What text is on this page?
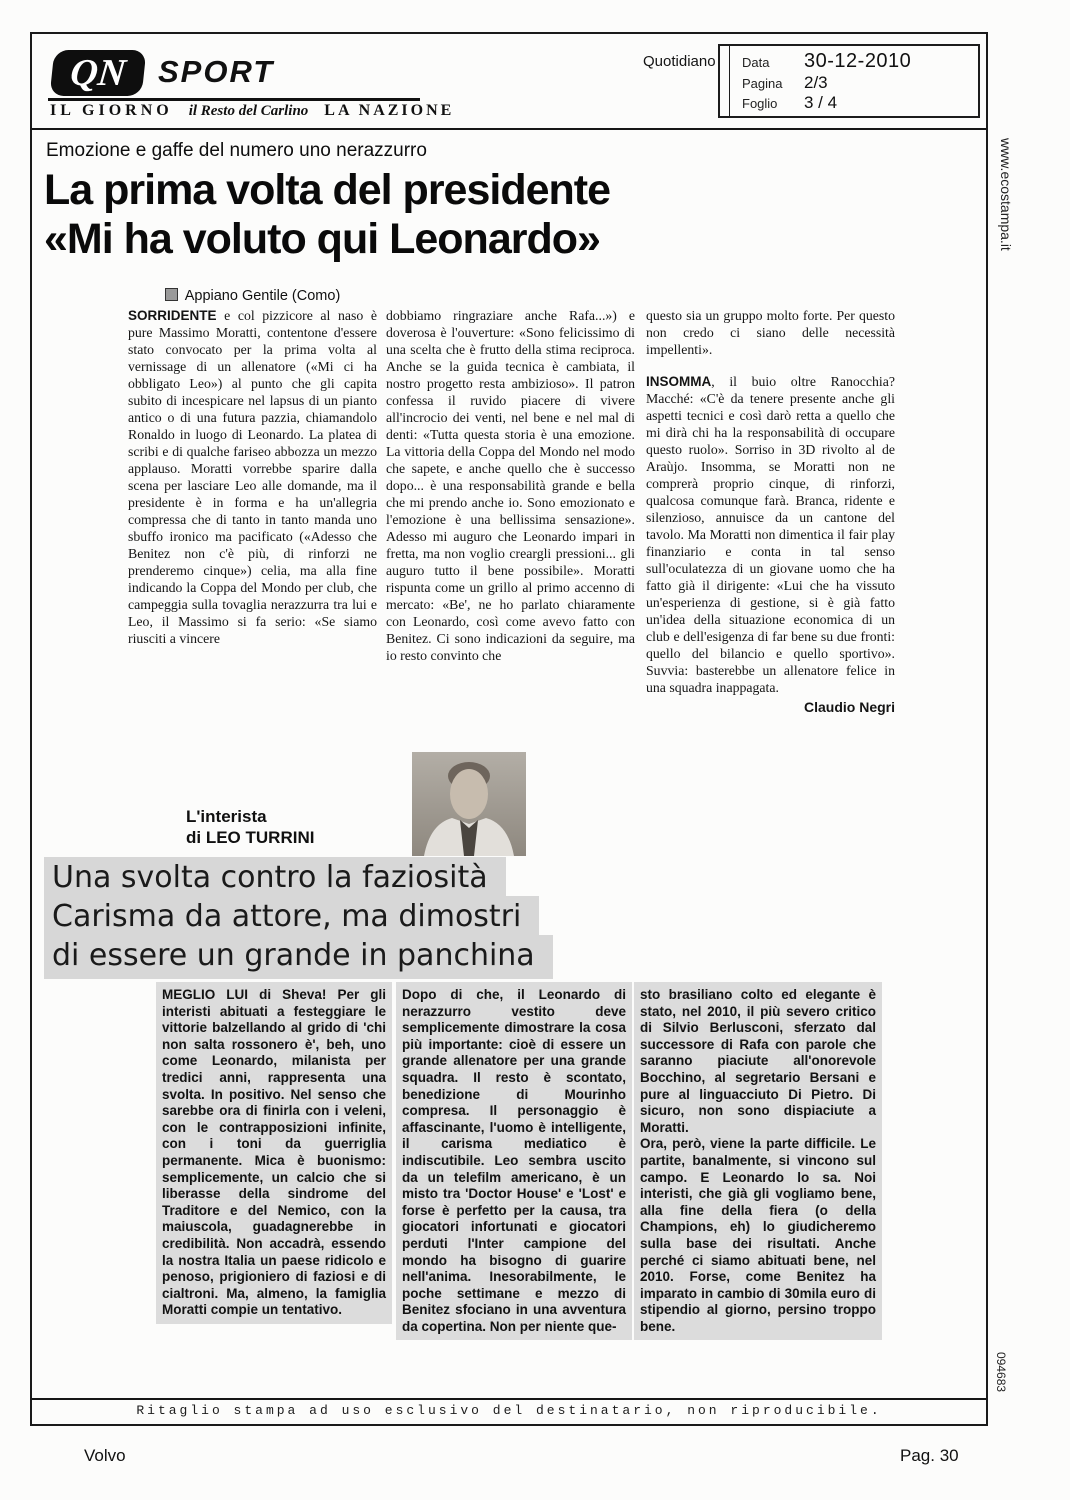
QN SPORT
IL GIORNO il Resto del Carlino LA NAZIONE
Quotidiano Data	30-12-2010
Pagina	2/3
Foglio	3 / 4
www.ecostampa.it
094683
Emozione e gaffe del numero uno nerazzurro
La prima volta del presidente
«Mi ha voluto qui Leonardo»
Appiano Gentile (Como)
SORRIDENTE e col pizzicore al naso è pure Massimo Moratti, contentone d'essere stato convocato per la prima volta al vernissage di un allenatore («Mi ci ha obbligato Leo») al punto che gli capita subito di incespicare nel lapsus di un pianto antico o di una futura pazzia, chiamandolo Ronaldo in luogo di Leonardo. La platea di scribi e di qualche fariseo abbozza un mezzo applauso. Moratti vorrebbe sparire dalla scena per lasciare Leo alle domande, ma il presidente è in forma e ha un'allegria compressa che di tanto in tanto manda uno sbuffo ironico ma pacificato («Adesso che Benitez non c'è più, di rinforzi ne prenderemo cinque») celia, ma alla fine indicando la Coppa del Mondo per club, che campeggia sulla tovaglia nerazzurra tra lui e Leo, il Massimo si fa serio: «Se siamo riusciti a vincere
dobbiamo ringraziare anche Rafa...») e doverosa è l'ouverture: «Sono felicissimo di una scelta che è frutto della stima reciproca. Anche se la guida tecnica è cambiata, il nostro progetto resta ambizioso». Il patron confessa il ruvido piacere di vivere all'incrocio dei venti, nel bene e nel mal di denti: «Tutta questa storia è una emozione. La vittoria della Coppa del Mondo nel modo che sapete, e anche quello che è successo dopo... è una responsabilità grande e bella che mi prendo anche io. Sono emozionato e l'emozione è una bellissima sensazione». Adesso mi auguro che Leonardo impari in fretta, ma non voglio creargli pressioni... gli auguro tutto il bene possibile». Moratti rispunta come un grillo al primo accenno di mercato: «Be', ne ho parlato chiaramente con Leonardo, così come avevo fatto con Benitez. Ci sono indicazioni da seguire, ma io resto convinto che

questo sia un gruppo molto forte. Per questo non credo ci siano delle necessità impellenti».

INSOMMA, il buio oltre Ranocchia? Macché: «C'è da tenere presente anche gli aspetti tecnici e così darò retta a quello che mi dirà chi ha la responsabilità di occupare questo ruolo». Sorriso in 3D rivolto al de Araùjo. Insomma, se Moratti non ne comprerà proprio cinque, di rinforzi, qualcosa comunque farà. Branca, ridente e silenzioso, annuisce da un cantone del tavolo. Ma Moratti non dimentica il fair play finanziario e conta in tal senso sull'oculatezza di un giovane uomo che ha fatto già il dirigente: «Lui che ha vissuto un'esperienza di gestione, si è già fatto un'idea della situazione economica di un club e dell'esigenza di far bene su due fronti: quello del bilancio e quello sportivo». Suvvia: basterebbe un allenatore felice in una squadra inappagata.

Claudio Negri

L'interista
di LEO TURRINI
Una svolta contro la faziosità
Carisma da attore, ma dimostri
di essere un grande in panchina
MEGLIO LUI di Sheva! Per gli interisti abituati a festeggiare le vittorie balzellando al grido di 'chi non salta rossonero è', beh, uno come Leonardo, milanista per tredici anni, rappresenta una svolta. In positivo. Nel senso che sarebbe ora di finirla con i veleni, con le contrapposizioni infinite, con i toni da guerriglia permanente. Mica è buonismo: semplicemente, un calcio che si liberasse della sindrome del Traditore e del Nemico, con la maiuscola, guadagnerebbe in credibilità. Non accadrà, essendo la nostra Italia un paese ridicolo e penoso, prigioniero di faziosi e di cialtroni. Ma, almeno, la famiglia Moratti compie un tentativo.
Dopo di che, il Leonardo di nerazzurro vestito deve semplicemente dimostrare la cosa più importante: cioè di essere un grande allenatore per una grande squadra. Il resto è scontato, benedizione di Mourinho compresa. Il personaggio è affascinante, l'uomo è intelligente, il carisma mediatico è indiscutibile. Leo sembra uscito da un telefilm americano, è un misto tra 'Doctor House' e 'Lost' e forse è perfetto per la causa, tra giocatori infortunati e giocatori perduti l'Inter campione del mondo ha bisogno di guarire nell'anima. Inesorabilmente, le poche settimane e mezzo di Benitez sfociano in una avventura da copertina. Non per niente que-

sto brasiliano colto ed elegante è stato, nel 2010, il più severo critico di Silvio Berlusconi, sferzato dal successore di Rafa con parole che saranno piaciute all'onorevole Bocchino, al segretario Bersani e pure al linguacciuto Di Pietro. Di sicuro, non sono dispiaciute a Moratti.

Ora, però, viene la parte difficile. Le partite, banalmente, si vincono sul campo. E Leonardo lo sa. Noi interisti, che già gli vogliamo bene, alla fine della fiera (o della Champions, eh) lo giudicheremo sulla base dei risultati. Anche perché ci siamo abituati bene, nel 2010. Forse, come Benitez ha imparato in cambio di 30mila euro di stipendio al giorno, persino troppo bene.

Ritaglio stampa ad uso esclusivo del destinatario, non riproducibile.
Volvo	Pag. 30
